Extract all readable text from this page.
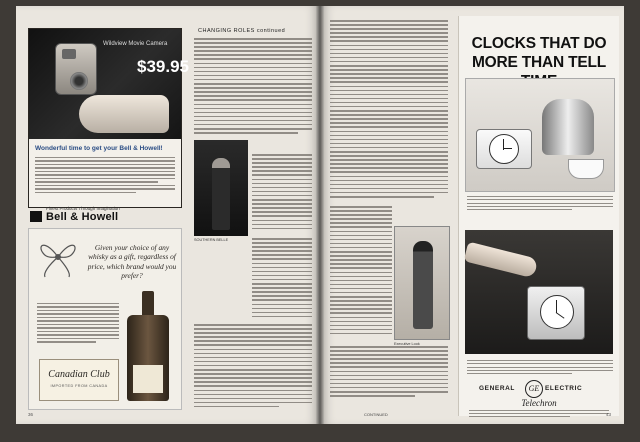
Wildview Movie Camera
$39.95
Wonderful time to get your Bell & Howell!
Finest Products Through Imagination
Bell & Howell
Given your choice of any whisky as a gift, regardless of price, which brand would you prefer?
Canadian Club
IMPORTED FROM CANADA
CHANGING ROLES continued
SOUTHERN BELLE
36
Executive Look
CONTINUED
CLOCKS THAT DO MORE THAN TELL
GENERAL	GE ELECTRIC
Telechron
43
